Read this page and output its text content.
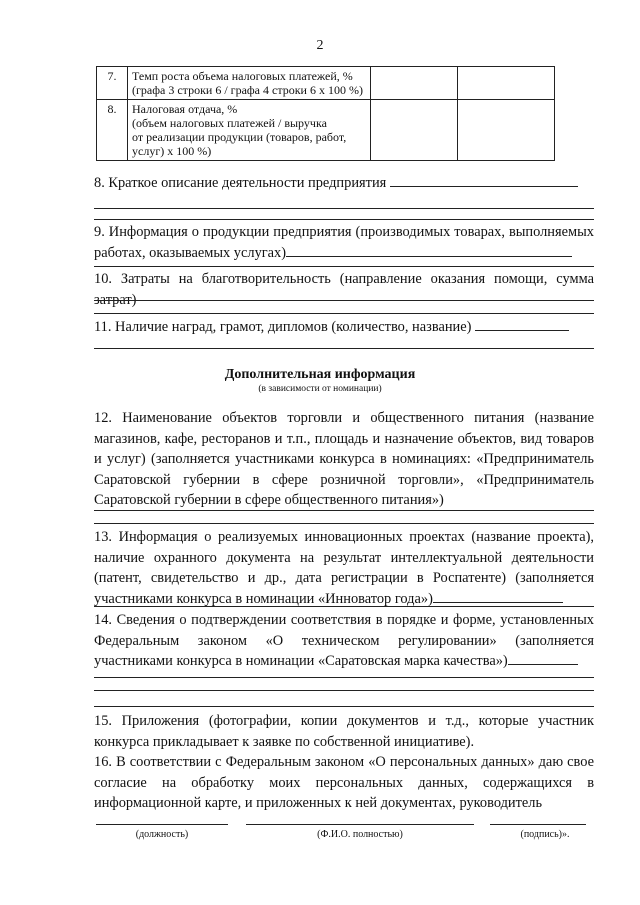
2
7.	Темп роста объема налоговых платежей, %
(графа 3 строки 6 / графа 4 строки 6 x 100 %)		
8.	Налоговая отдача, %
(объем налоговых платежей / выручка
от реализации продукции (товаров, работ,
услуг) x 100 %)		
8. Краткое описание деятельности предприятия
9. Информация о продукции предприятия (производимых товарах, выполняемых работах, оказываемых услугах)
10. Затраты на благотворительность (направление оказания помощи, сумма затрат)
11. Наличие наград, грамот, дипломов (количество, название)
Дополнительная информация
(в зависимости от номинации)
12. Наименование объектов торговли и общественного питания (название магазинов, кафе, ресторанов и т.п., площадь и назначение объектов, вид товаров и услуг) (заполняется участниками конкурса в номинациях: «Предприниматель Саратовской губернии в сфере розничной торговли», «Предприниматель Саратовской губернии в сфере общественного питания»)
13. Информация о реализуемых инновационных проектах (название проекта), наличие охранного документа на результат интеллектуальной деятельности (патент, свидетельство и др., дата регистрации в Роспатенте) (заполняется участниками конкурса в номинации «Инноватор года»)
14. Сведения о подтверждении соответствия в порядке и форме, установленных Федеральным законом «О техническом регулировании» (заполняется участниками конкурса в номинации «Саратовская марка качества»)
15. Приложения (фотографии, копии документов и т.д., которые участник конкурса прикладывает к заявке по собственной инициативе).
16. В соответствии с Федеральным законом «О персональных данных» даю свое согласие на обработку моих персональных данных, содержащихся в информационной карте, и приложенных к ней документах, руководитель
(должность)	(Ф.И.О. полностью)	(подпись)».
